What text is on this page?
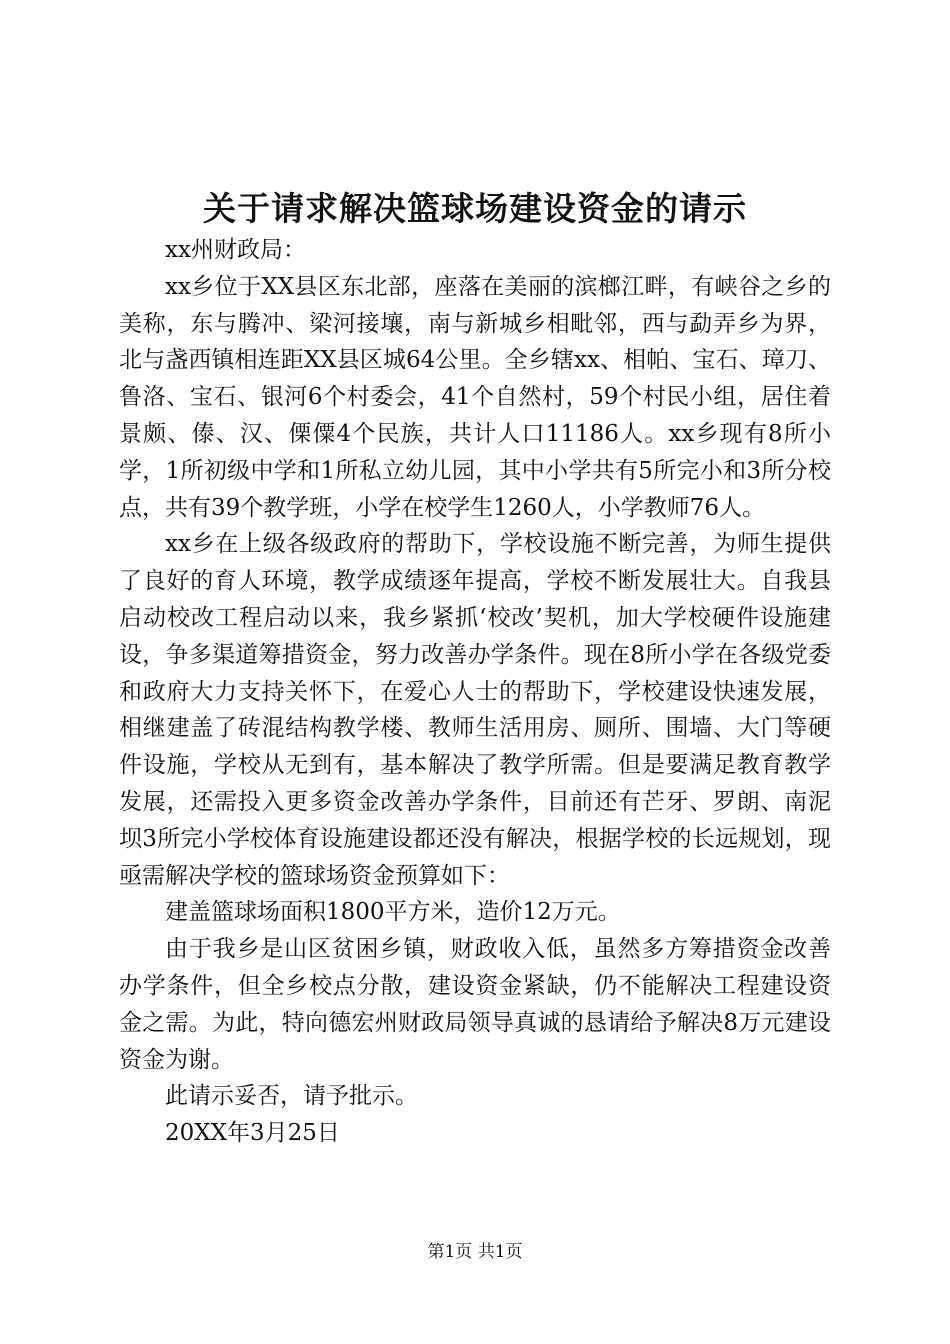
关于请求解决篮球场建设资金的请示

xx州财政局：

xx乡位于XX县区东北部，座落在美丽的滨榔江畔，有峡谷之乡的美称，东与腾冲、梁河接壤，南与新城乡相毗邻，西与勐弄乡为界，北与盏西镇相连距XX县区城64公里。全乡辖xx、相帕、宝石、璋刀、鲁洛、宝石、银河6个村委会，41个自然村，59个村民小组，居住着景颇、傣、汉、傈僳4个民族，共计人口11186人。xx乡现有8所小学，1所初级中学和1所私立幼儿园，其中小学共有5所完小和3所分校点，共有39个教学班，小学在校学生1260人，小学教师76人。

xx乡在上级各级政府的帮助下，学校设施不断完善，为师生提供了良好的育人环境，教学成绩逐年提高，学校不断发展壮大。自我县启动校改工程启动以来，我乡紧抓‘校改’契机，加大学校硬件设施建设，争多渠道筹措资金，努力改善办学条件。现在8所小学在各级党委和政府大力支持关怀下，在爱心人士的帮助下，学校建设快速发展，相继建盖了砖混结构教学楼、教师生活用房、厕所、围墙、大门等硬件设施，学校从无到有，基本解决了教学所需。但是要满足教育教学发展，还需投入更多资金改善办学条件，目前还有芒牙、罗朗、南泥坝3所完小学校体育设施建设都还没有解决，根据学校的长远规划，现亟需解决学校的篮球场资金预算如下：

建盖篮球场面积1800平方米，造价12万元。

由于我乡是山区贫困乡镇，财政收入低，虽然多方筹措资金改善办学条件，但全乡校点分散，建设资金紧缺，仍不能解决工程建设资金之需。为此，特向德宏州财政局领导真诚的恳请给予解决8万元建设资金为谢。

此请示妥否，请予批示。

20XX年3月25日

第1页 共1页
